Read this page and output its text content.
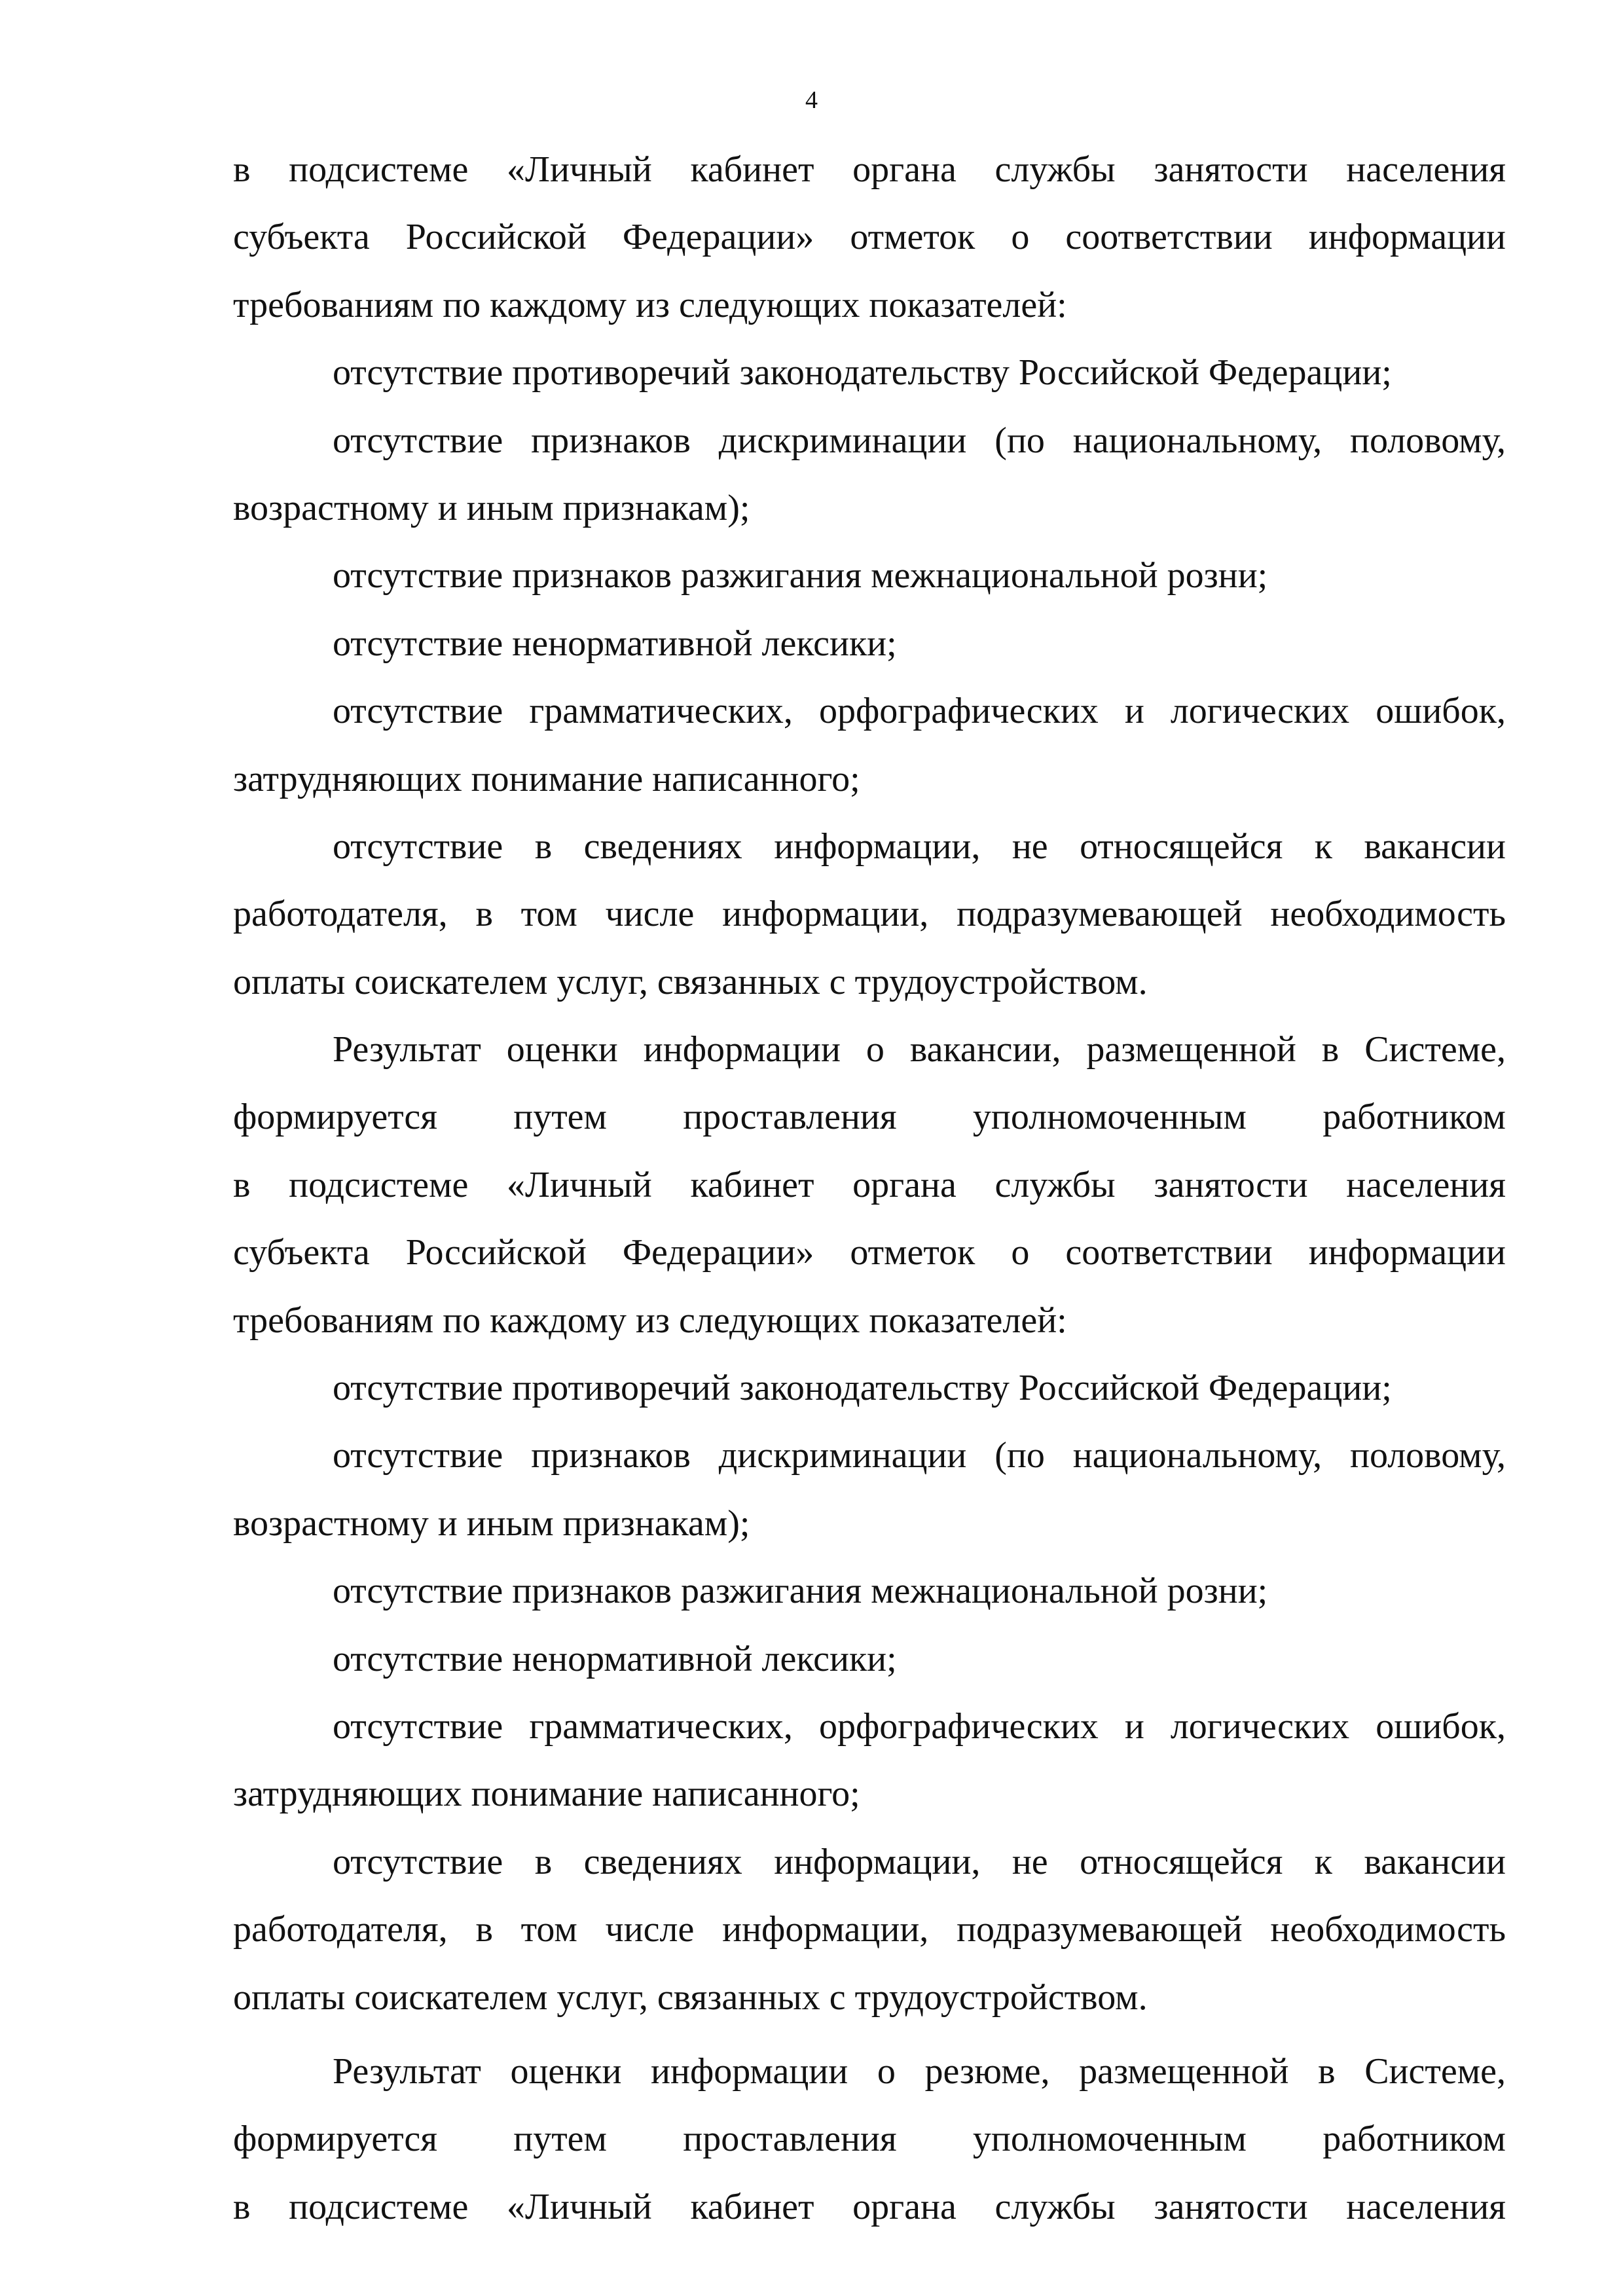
4
в подсистеме «Личный кабинет органа службы занятости населения
субъекта Российской Федерации» отметок о соответствии информации
требованиям по каждому из следующих показателей:
отсутствие противоречий законодательству Российской Федерации;
отсутствие признаков дискриминации (по национальному, половому,
возрастному и иным признакам);
отсутствие признаков разжигания межнациональной розни;
отсутствие ненормативной лексики;
отсутствие грамматических, орфографических и логических ошибок,
затрудняющих понимание написанного;
отсутствие в сведениях информации, не относящейся к вакансии
работодателя, в том числе информации, подразумевающей необходимость
оплаты соискателем услуг, связанных с трудоустройством.
Результат оценки информации о вакансии, размещенной в Системе,
формируется путем проставления уполномоченным работником
в подсистеме «Личный кабинет органа службы занятости населения
субъекта Российской Федерации» отметок о соответствии информации
требованиям по каждому из следующих показателей:
отсутствие противоречий законодательству Российской Федерации;
отсутствие признаков дискриминации (по национальному, половому,
возрастному и иным признакам);
отсутствие признаков разжигания межнациональной розни;
отсутствие ненормативной лексики;
отсутствие грамматических, орфографических и логических ошибок,
затрудняющих понимание написанного;
отсутствие в сведениях информации, не относящейся к вакансии
работодателя, в том числе информации, подразумевающей необходимость
оплаты соискателем услуг, связанных с трудоустройством.
Результат оценки информации о резюме, размещенной в Системе,
формируется путем проставления уполномоченным работником
в подсистеме «Личный кабинет органа службы занятости населения
